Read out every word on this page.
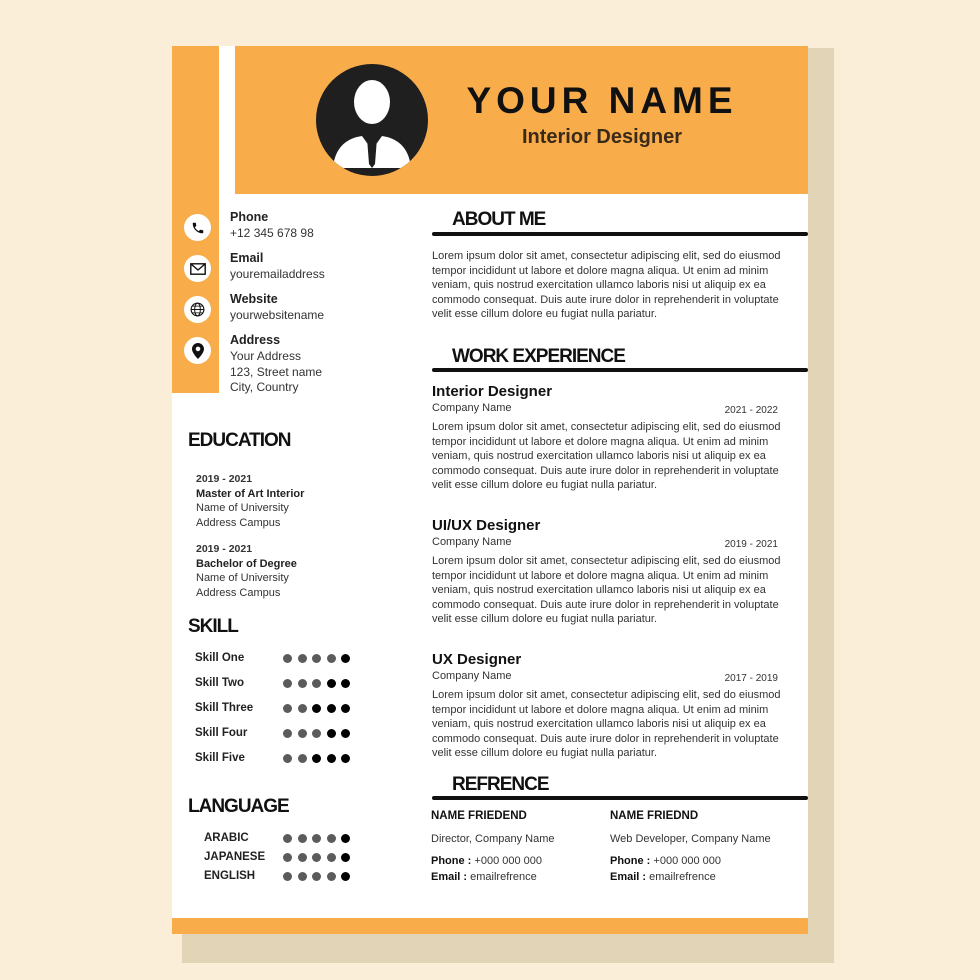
YOUR NAME
Interior Designer
Phone
+12 345 678 98
Email
youremailaddress
Website
yourwebsitename
Address
Your Address
123, Street name
City, Country
EDUCATION
2019 - 2021
Master of Art Interior
Name of University
Address Campus
2019 - 2021
Bachelor of Degree
Name of University
Address Campus
SKILL
Skill One
Skill Two
Skill Three
Skill Four
Skill Five
LANGUAGE
ARABIC
JAPANESE
ENGLISH
ABOUT ME
Lorem ipsum dolor sit amet, consectetur adipiscing elit, sed do eiusmod tempor incididunt ut labore et dolore magna aliqua. Ut enim ad minim veniam, quis nostrud exercitation ullamco laboris nisi ut aliquip ex ea commodo consequat. Duis aute irure dolor in reprehenderit in voluptate velit esse cillum dolore eu fugiat nulla pariatur.
WORK EXPERIENCE
Interior Designer
Company Name	2021 - 2022
Lorem ipsum dolor sit amet, consectetur adipiscing elit, sed do eiusmod tempor incididunt ut labore et dolore magna aliqua. Ut enim ad minim veniam, quis nostrud exercitation ullamco laboris nisi ut aliquip ex ea commodo consequat. Duis aute irure dolor in reprehenderit in voluptate velit esse cillum dolore eu fugiat nulla pariatur.
UI/UX Designer
Company Name	2019 - 2021
Lorem ipsum dolor sit amet, consectetur adipiscing elit, sed do eiusmod tempor incididunt ut labore et dolore magna aliqua. Ut enim ad minim veniam, quis nostrud exercitation ullamco laboris nisi ut aliquip ex ea commodo consequat. Duis aute irure dolor in reprehenderit in voluptate velit esse cillum dolore eu fugiat nulla pariatur.
UX Designer
Company Name	2017 - 2019
Lorem ipsum dolor sit amet, consectetur adipiscing elit, sed do eiusmod tempor incididunt ut labore et dolore magna aliqua. Ut enim ad minim veniam, quis nostrud exercitation ullamco laboris nisi ut aliquip ex ea commodo consequat. Duis aute irure dolor in reprehenderit in voluptate velit esse cillum dolore eu fugiat nulla pariatur.
REFRENCE
NAME FRIEDEND
Director, Company Name
Phone : +000 000 000
Email : emailrefrence
NAME FRIEDND
Web Developer, Company Name
Phone : +000 000 000
Email : emailrefrence
